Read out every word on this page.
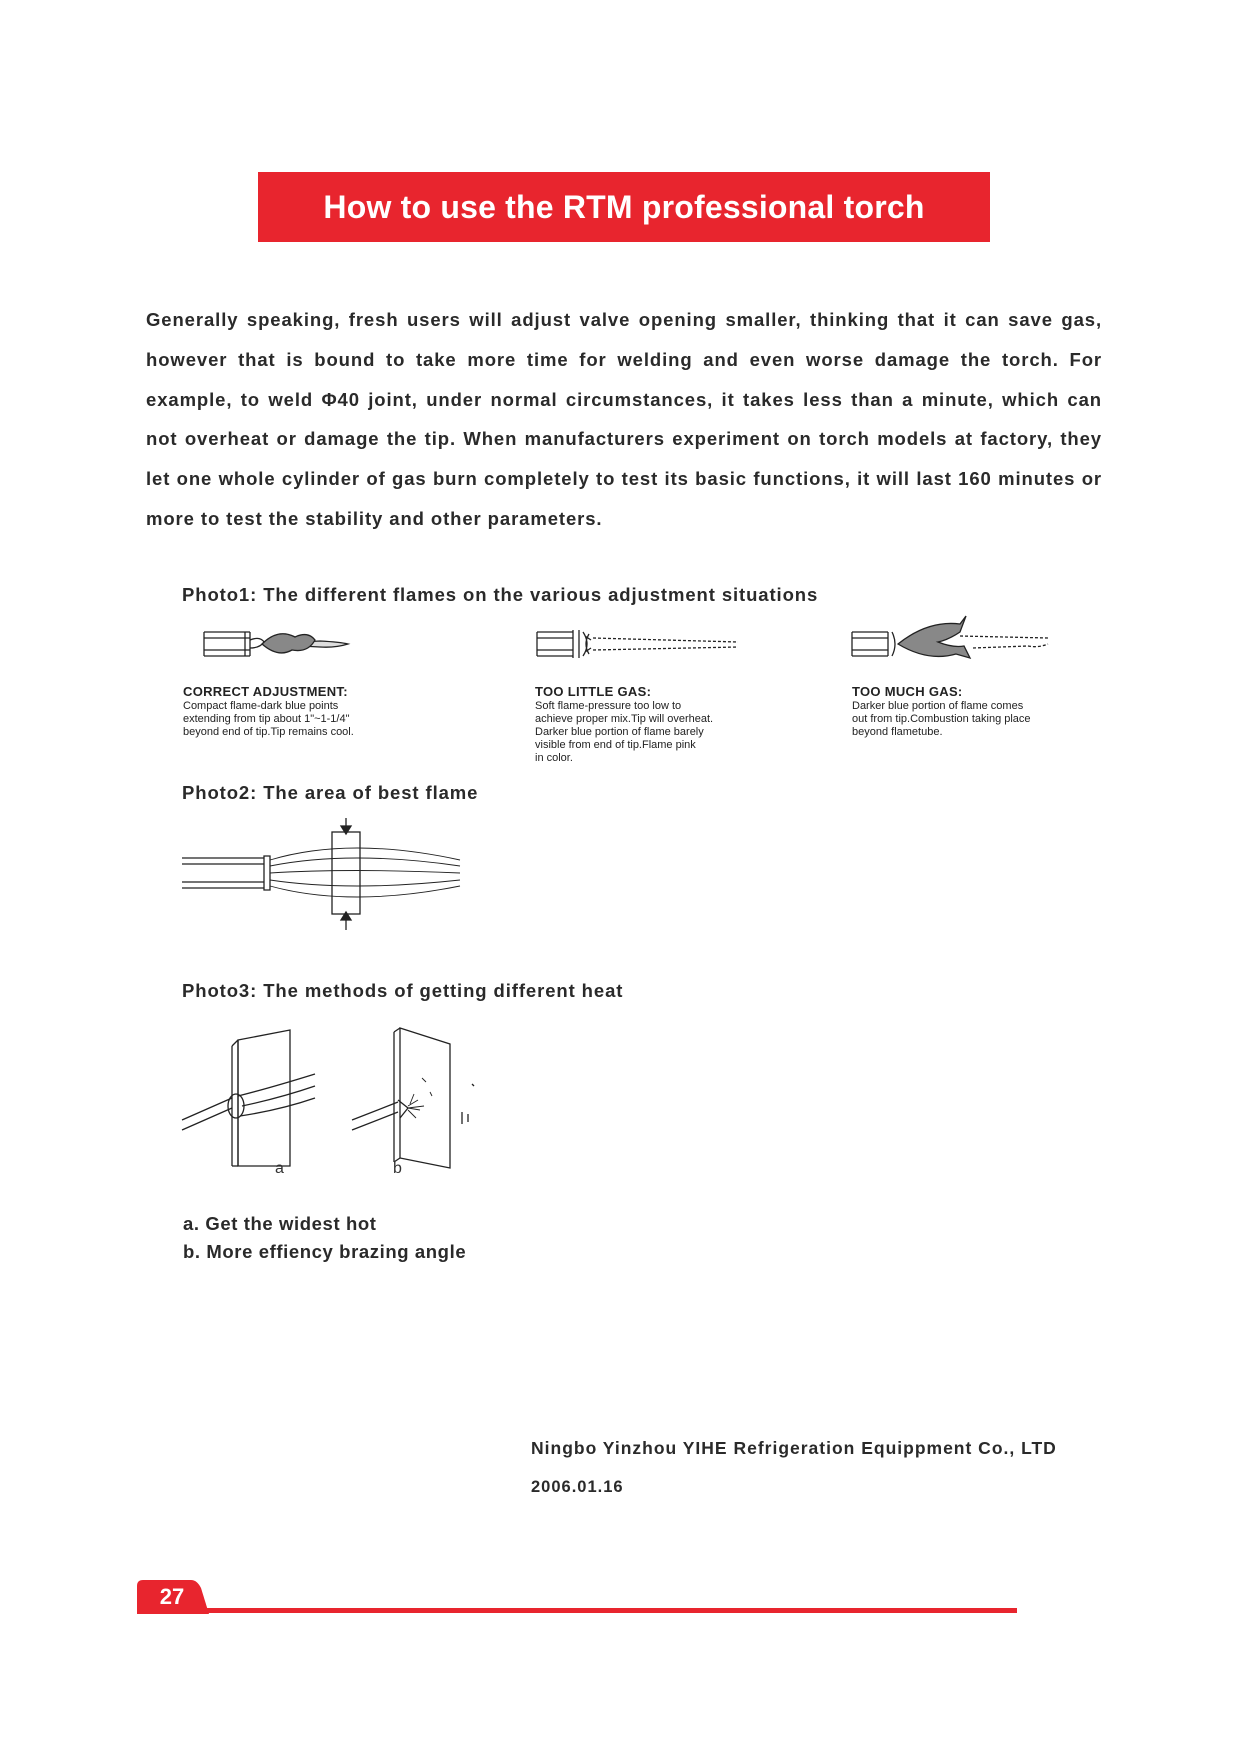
How to use the RTM professional torch

Generally speaking, fresh users will adjust valve opening smaller, thinking that it can save gas, however that is bound to take more time for welding and even worse damage the torch. For example, to weld Φ40 joint, under normal circumstances, it takes less than a minute, which can not overheat or damage the tip. When manufacturers experiment on torch models at factory, they let one whole cylinder of gas burn completely to test its basic functions, it will last 160 minutes or more to test the stability and other parameters.

Photo1: The different flames on the various adjustment situations
CORRECT ADJUSTMENT:
Compact flame-dark blue points
extending from tip about 1"~1-1/4"
beyond end of tip.Tip remains cool.
TOO LITTLE GAS:
Soft flame-pressure too low to
achieve proper mix.Tip will overheat.
Darker blue portion of flame barely
visible from end of tip.Flame pink
in color.
TOO MUCH GAS:
Darker blue portion of flame comes
out from tip.Combustion taking place
beyond flametube.
Photo2: The area of best flame
Photo3: The methods of getting different heat
a	b
a. Get the widest hot
b. More effiency brazing angle
Ningbo Yinzhou YIHE Refrigeration Equippment Co., LTD
2006.01.16
27
